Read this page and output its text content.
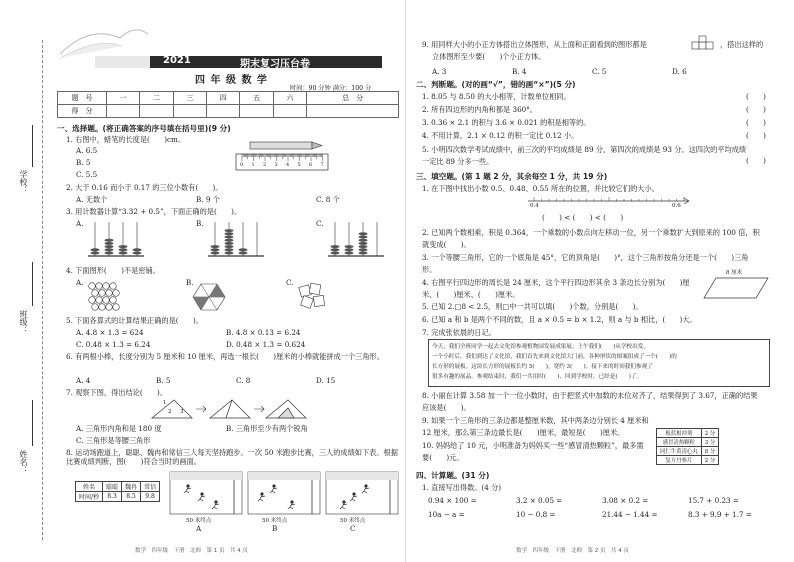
学校：
班级：
姓名：
2021	期末复习压台卷
四 年 级 数 学
时间：90 分钟 满分：100 分
题　号	一	二	三	四	五	六	总　分
得　分							
一、选择题。(将正确答案的序号填在括号里)(9 分)
1. 右图中，蜡笔的长度是(　　)cm。
A. 6.5
B. 5
C. 5.5
0 1 2 3 4 5 6 7
2. 大于 0.16 而小于 0.17 的三位小数有(　　)。
A. 无数个	B. 9 个	C. 8 个
3. 用计数器计算“3.32 + 0.5”，下面正确的是(　　)。
A.	B.	C.
4. 下面图形(　　)不是密铺。
A.	B.	C.
5. 下面各算式的计算结果正确的是(　　)。
A. 4.8 × 1.3 = 624	B. 4.8 × 0.13 = 6.24
C. 0.48 × 1.3 = 6.24	D. 0.48 × 1.3 = 0.624
6. 有两根小棒，长度分别为 5 厘米和 10 厘米，再选一根长(　　)厘米的小棒就能拼成一个三角形。
A. 4	B. 5	C. 8	D. 15
7. 观察下图，得出结论(　　)。
1
2 3
A. 三角形内角和是 180 度	B. 三角形至少有两个锐角
C. 三角形是等腰三角形
8. 运动场跑道上，聪聪、魏冉和常信三人每天坚持跑步。一次 50 米跑步比赛，三人的成绩如下表。根据比赛成绩判断，图(　　)符合当时的画面。
姓名	聪聪	魏冉	常信
时间/秒	8.3	8.5	9.8
50 米终点	50 米终点	50 米终点
A	B	C
数学　四年级　下册　北师　第 1 页　共 4 页
9. 用同样大小的小正方体搭出立体图形，从上面和正面看到的图形都是	，搭出这样的
立体图形至少要(　　)个小正方体。
A. 3	B. 4	C. 5	D. 6
二、判断题。(对的画“√”，错的画“×”)(5 分)
1. 8.05 与 8.50 的大小相等，计数单位相同。
2. 所有四边形的内角和都是 360°。
3. 0.36 × 2.1 的积与 3.6 × 0.021 的积是相等的。
4. 不用计算，2.1 × 0.12 的积一定比 0.12 小。
5. 小明四次数学考试成绩中，前三次的平均成绩是 89 分，第四次的成绩是 93 分。这四次的平均成绩一定比 89 分多一些。
(　　)
(　　)
(　　)
(　　)
(　　)
三、填空题。(第 1 题 2 分，其余每空 1 分，共 19 分)
1. 在下图中找出小数 0.5、0.48、0.55 所在的位置，并比较它们的大小。
0.4	0.6
(　　) < (　　) < (　　)
2. 已知两个数相乘，积是 0.364，一个乘数的小数点向左移动一位，另一个乘数扩大到原来的 100 倍，积就变成(　　)。
3. 一个等腰三角形，它的一个底角是 45°，它的顶角是(　　)°，这个三角形按角分还是一个(　　)三角形。
4. 右图平行四边形的周长是 24 厘米，这个平行四边形其余 3 条边长分别为(　　)厘米、(　　)厘米、(　　)厘米。
8 厘米
5. 已知 2.□8 < 2.5，则□中一共可以填(　　)个数，分别是(　　)。
6. 已知 a 和 b 是两个不同的数，且 a × 0.5 = b × 1.2，则 a 与 b 相比，(　　)大。
7. 完成张依晨的日记。
今天，我们全班同学一起去文化馆参观植物园发展成果展。上午我们(　　)从学校出发。
一个小时后，我们到达了文化馆，我们首先来到文化馆大门前，各种形状的图案组成了一个(　　)的
长方形的展板。这块长方形的展板长约 5(　　)，宽约 3(　　)。接下来的时间我们参观了
很多有趣的展品。参观结束时，我们一共用时(　　)，回到学校时，已经是(　　)了。
8. 小丽在计算 3.58 加一个一位小数时，由于把竖式中加数的末位对齐了，结果得到了 3.67，正确的结果应该是(　　)。
9. 如果一个三角形的三条边都是整厘米数，其中两条边分别长 4 厘米和 12 厘米，那么第三条边最长是(　　)厘米，最短是(　　)厘米。
10. 妈妈给了 10 元，小明准备为妈妈买一些“感冒清热颗粒”，最多需要(　　)元。
板蓝根冲剂	2 分
感冒清热颗粒	3 分
同仁牛黄清心丸	8 分
复方丹参片	2 分
四、计算题。(31 分)
1. 直接写出得数。(4 分)
0.94 × 100 =	3.2 × 0.05 =	3.08 × 0.2 =	15.7 + 0.23 =
10a − a =	10 − 0.8 =	21.44 − 1.44 =	8.3 + 9.9 + 1.7 =
数学　四年级　下册　北师　第 2 页　共 4 页
